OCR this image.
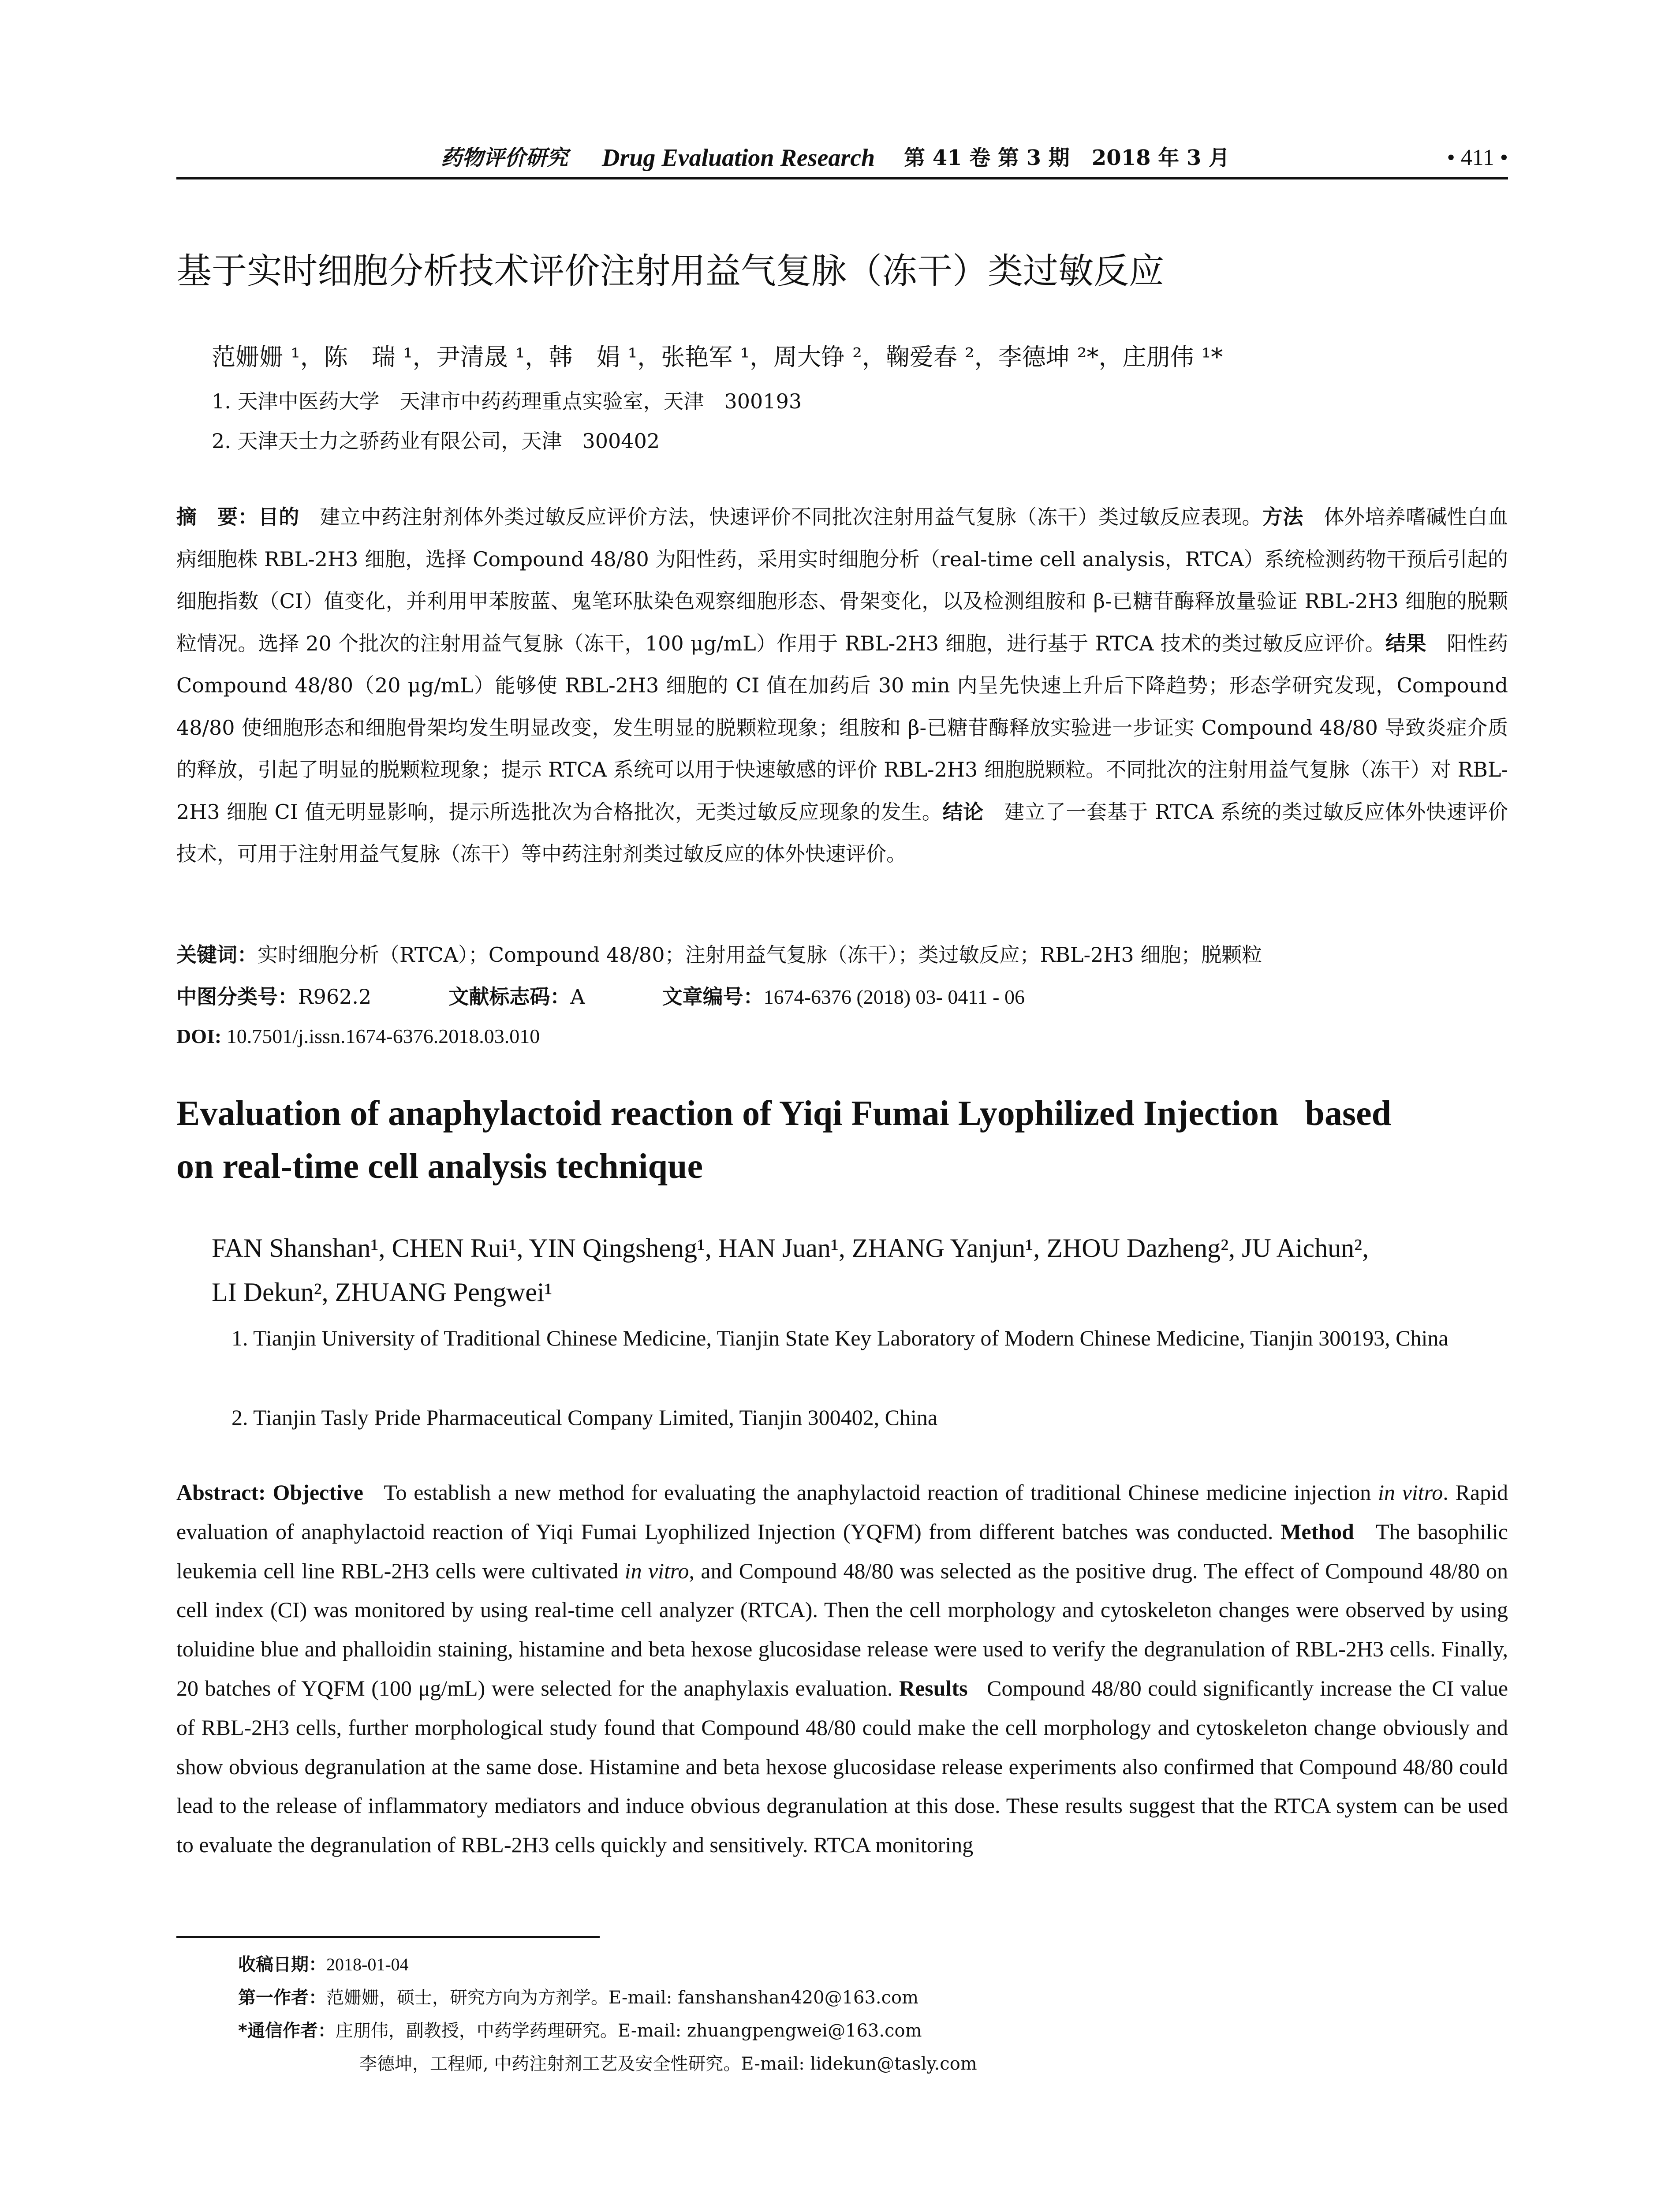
药物评价研究 Drug Evaluation Research 第 41 卷 第 3 期   2018 年 3 月	• 411 •
基于实时细胞分析技术评价注射用益气复脉（冻干）类过敏反应
范姗姗 ¹，陈　瑞 ¹，尹清晟 ¹，韩　娟 ¹，张艳军 ¹，周大铮 ²，鞠爱春 ²，李德坤 ²*，庄朋伟 ¹*
1. 天津中医药大学　天津市中药药理重点实验室，天津　300193
2. 天津天士力之骄药业有限公司，天津　300402
摘　要：目的　建立中药注射剂体外类过敏反应评价方法，快速评价不同批次注射用益气复脉（冻干）类过敏反应表现。方法　体外培养嗜碱性白血病细胞株 RBL-2H3 细胞，选择 Compound 48/80 为阳性药，采用实时细胞分析（real-time cell analysis，RTCA）系统检测药物干预后引起的细胞指数（CI）值变化，并利用甲苯胺蓝、鬼笔环肽染色观察细胞形态、骨架变化，以及检测组胺和 β-已糖苷酶释放量验证 RBL-2H3 细胞的脱颗粒情况。选择 20 个批次的注射用益气复脉（冻干，100 μg/mL）作用于 RBL-2H3 细胞，进行基于 RTCA 技术的类过敏反应评价。结果　阳性药 Compound 48/80（20 μg/mL）能够使 RBL-2H3 细胞的 CI 值在加药后 30 min 内呈先快速上升后下降趋势；形态学研究发现，Compound 48/80 使细胞形态和细胞骨架均发生明显改变，发生明显的脱颗粒现象；组胺和 β-已糖苷酶释放实验进一步证实 Compound 48/80 导致炎症介质的释放，引起了明显的脱颗粒现象；提示 RTCA 系统可以用于快速敏感的评价 RBL-2H3 细胞脱颗粒。不同批次的注射用益气复脉（冻干）对 RBL-2H3 细胞 CI 值无明显影响，提示所选批次为合格批次，无类过敏反应现象的发生。结论　建立了一套基于 RTCA 系统的类过敏反应体外快速评价技术，可用于注射用益气复脉（冻干）等中药注射剂类过敏反应的体外快速评价。
关键词：实时细胞分析（RTCA）；Compound 48/80；注射用益气复脉（冻干）；类过敏反应；RBL-2H3 细胞；脱颗粒
中图分类号：R962.2	文献标志码：A	文章编号：1674-6376 (2018) 03- 0411 - 06
DOI: 10.7501/j.issn.1674-6376.2018.03.010
Evaluation of anaphylactoid reaction of Yiqi Fumai Lyophilized Injection   based
on real-time cell analysis technique
FAN Shanshan¹, CHEN Rui¹, YIN Qingsheng¹, HAN Juan¹, ZHANG Yanjun¹, ZHOU Dazheng², JU Aichun²,
LI Dekun², ZHUANG Pengwei¹
1. Tianjin University of Traditional Chinese Medicine, Tianjin State Key Laboratory of Modern Chinese Medicine, Tianjin 300193, China
2. Tianjin Tasly Pride Pharmaceutical Company Limited, Tianjin 300402, China
Abstract: Objective To establish a new method for evaluating the anaphylactoid reaction of traditional Chinese medicine injection in vitro. Rapid evaluation of anaphylactoid reaction of Yiqi Fumai Lyophilized Injection (YQFM) from different batches was conducted. Method The basophilic leukemia cell line RBL-2H3 cells were cultivated in vitro, and Compound 48/80 was selected as the positive drug. The effect of Compound 48/80 on cell index (CI) was monitored by using real-time cell analyzer (RTCA). Then the cell morphology and cytoskeleton changes were observed by using toluidine blue and phalloidin staining, histamine and beta hexose glucosidase release were used to verify the degranulation of RBL-2H3 cells. Finally, 20 batches of YQFM (100 μg/mL) were selected for the anaphylaxis evaluation. Results Compound 48/80 could significantly increase the CI value of RBL-2H3 cells, further morphological study found that Compound 48/80 could make the cell morphology and cytoskeleton change obviously and show obvious degranulation at the same dose. Histamine and beta hexose glucosidase release experiments also confirmed that Compound 48/80 could lead to the release of inflammatory mediators and induce obvious degranulation at this dose. These results suggest that the RTCA system can be used to evaluate the degranulation of RBL-2H3 cells quickly and sensitively. RTCA monitoring
收稿日期：2018-01-04
第一作者：范姗姗，硕士，研究方向为方剂学。E-mail: fanshanshan420@163.com
*通信作者：庄朋伟，副教授，中药学药理研究。E-mail: zhuangpengwei@163.com
李德坤，工程师, 中药注射剂工艺及安全性研究。E-mail: lidekun@tasly.com
